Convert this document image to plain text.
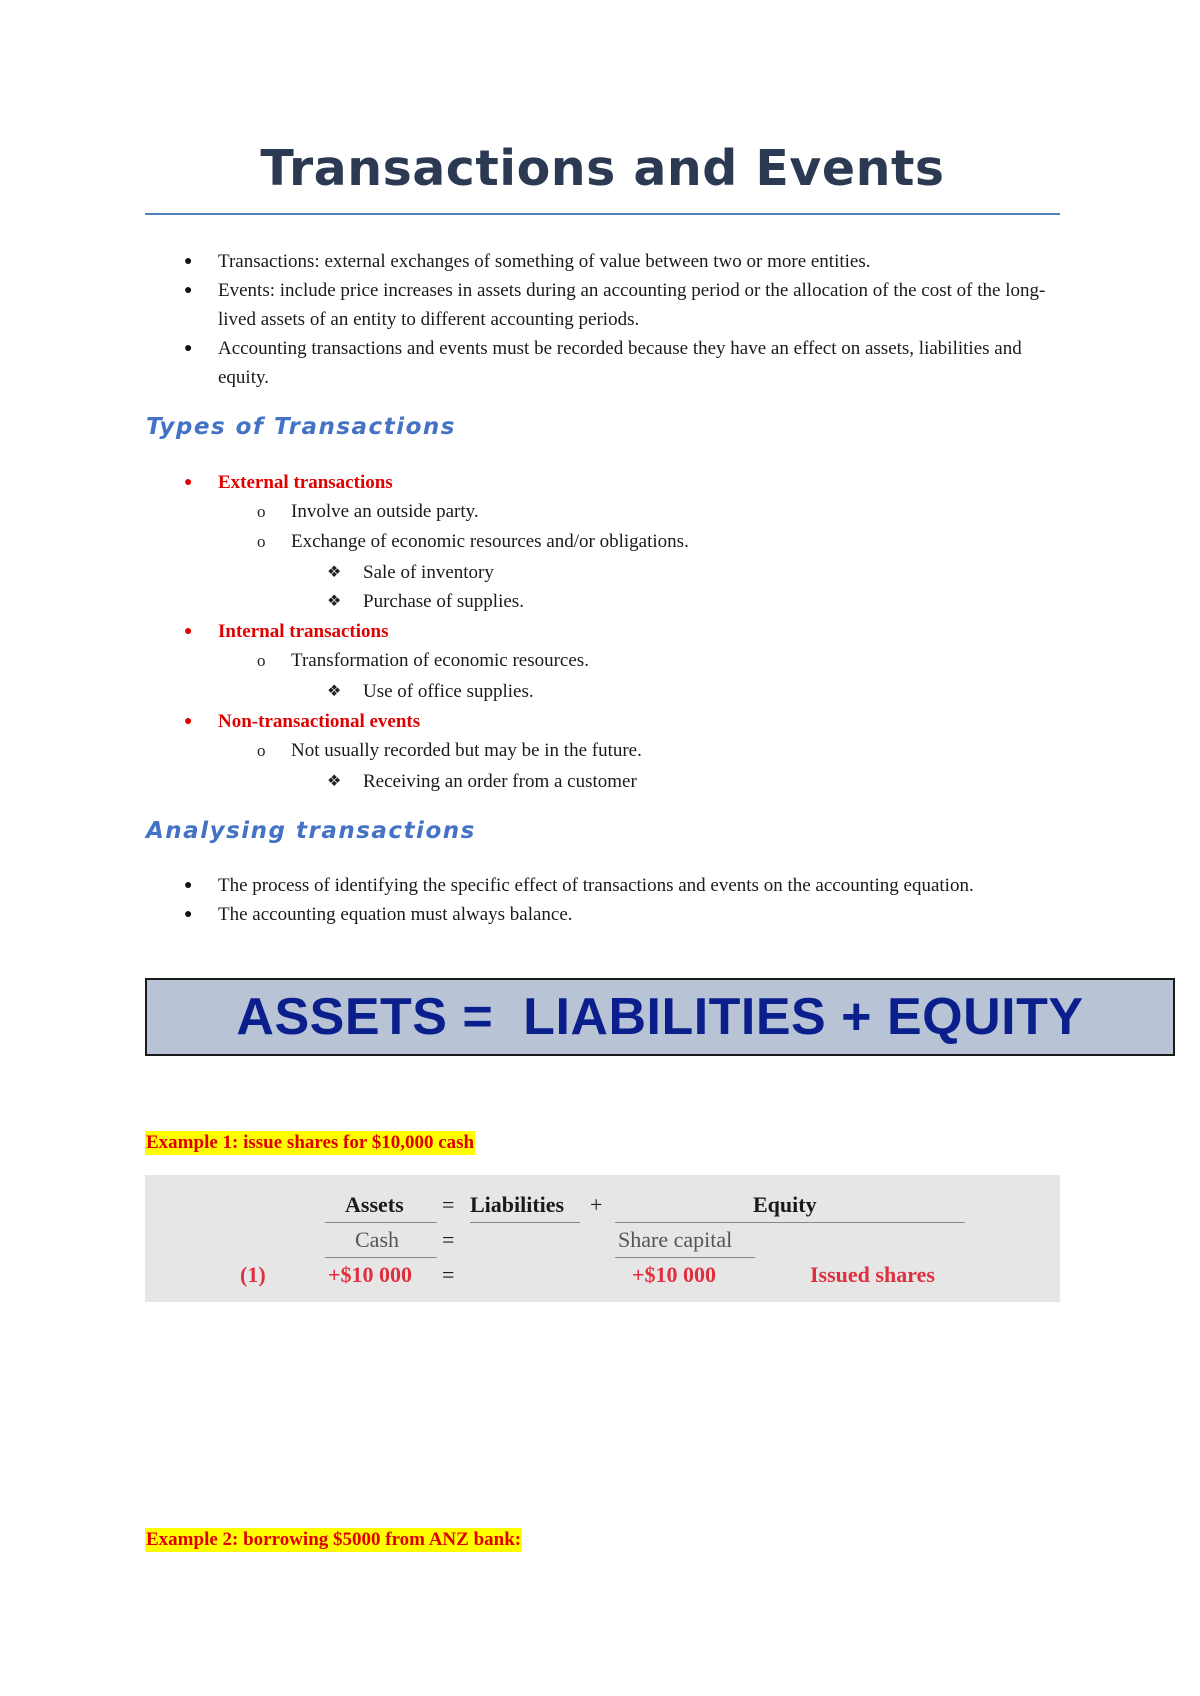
Transactions and Events
● Transactions: external exchanges of something of value between two or more entities.
● Events: include price increases in assets during an accounting period or the allocation of the cost of the long-lived assets of an entity to different accounting periods.
● Accounting transactions and events must be recorded because they have an effect on assets, liabilities and equity.
Types of Transactions
● External transactions
o Involve an outside party.
o Exchange of economic resources and/or obligations.
❖ Sale of inventory
❖ Purchase of supplies.
● Internal transactions
o Transformation of economic resources.
❖ Use of office supplies.
● Non-transactional events
o Not usually recorded but may be in the future.
❖ Receiving an order from a customer
Analysing transactions
● The process of identifying the specific effect of transactions and events on the accounting equation.
● The accounting equation must always balance.
ASSETS =  LIABILITIES + EQUITY
Example 1: issue shares for $10,000 cash
Assets = Liabilities +	Equity
Cash =	Share capital
(1)	+$10 000 =	+$10 000	Issued shares
Example 2: borrowing $5000 from ANZ bank:
